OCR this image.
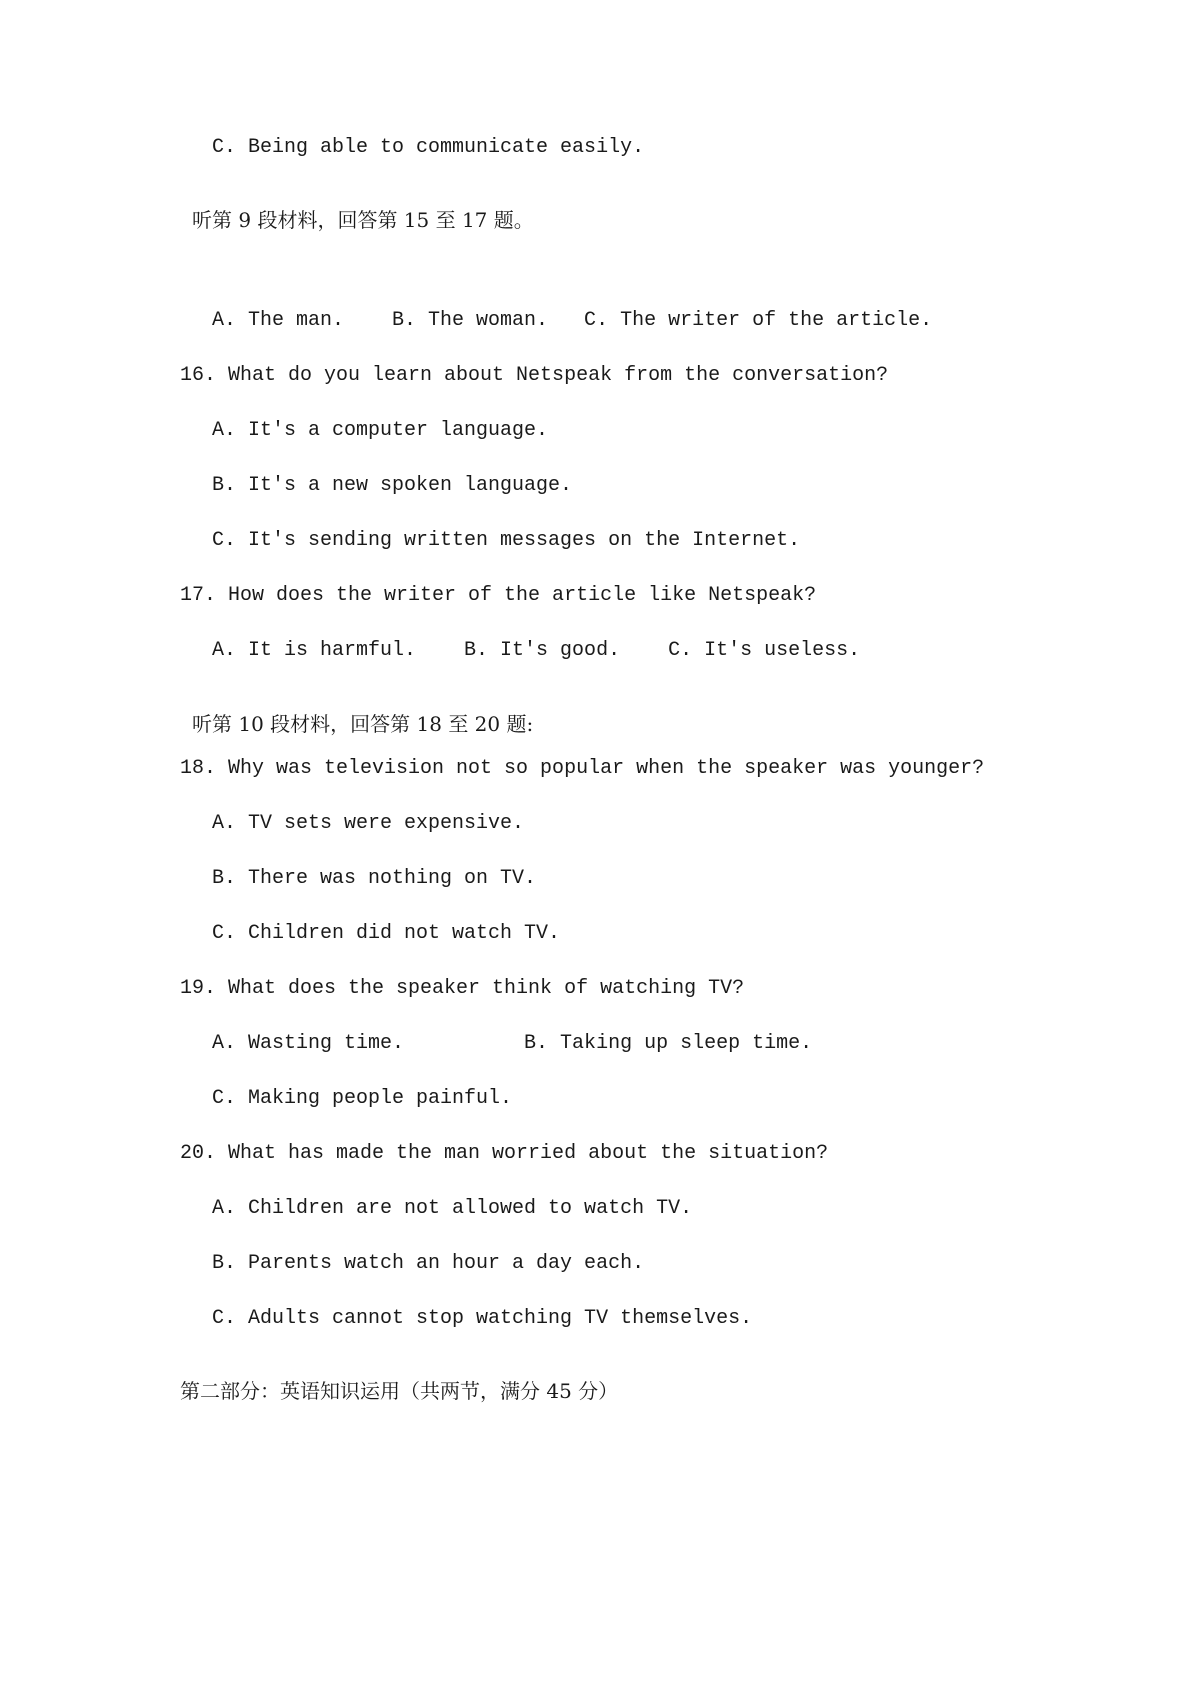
C. Being able to communicate easily.
听第 9 段材料，回答第 15 至 17 题。
A. The man.    B. The woman.   C. The writer of the article.
16. What do you learn about Netspeak from the conversation?
A. It's a computer language.
B. It's a new spoken language.
C. It's sending written messages on the Internet.
17. How does the writer of the article like Netspeak?
A. It is harmful.    B. It's good.    C. It's useless.
听第 10 段材料，回答第 18 至 20 题:
18. Why was television not so popular when the speaker was younger?
A. TV sets were expensive.
B. There was nothing on TV.
C. Children did not watch TV.
19. What does the speaker think of watching TV?
A. Wasting time.          B. Taking up sleep time.
C. Making people painful.
20. What has made the man worried about the situation?
A. Children are not allowed to watch TV.
B. Parents watch an hour a day each.
C. Adults cannot stop watching TV themselves.
第二部分：英语知识运用（共两节，满分 45 分）
